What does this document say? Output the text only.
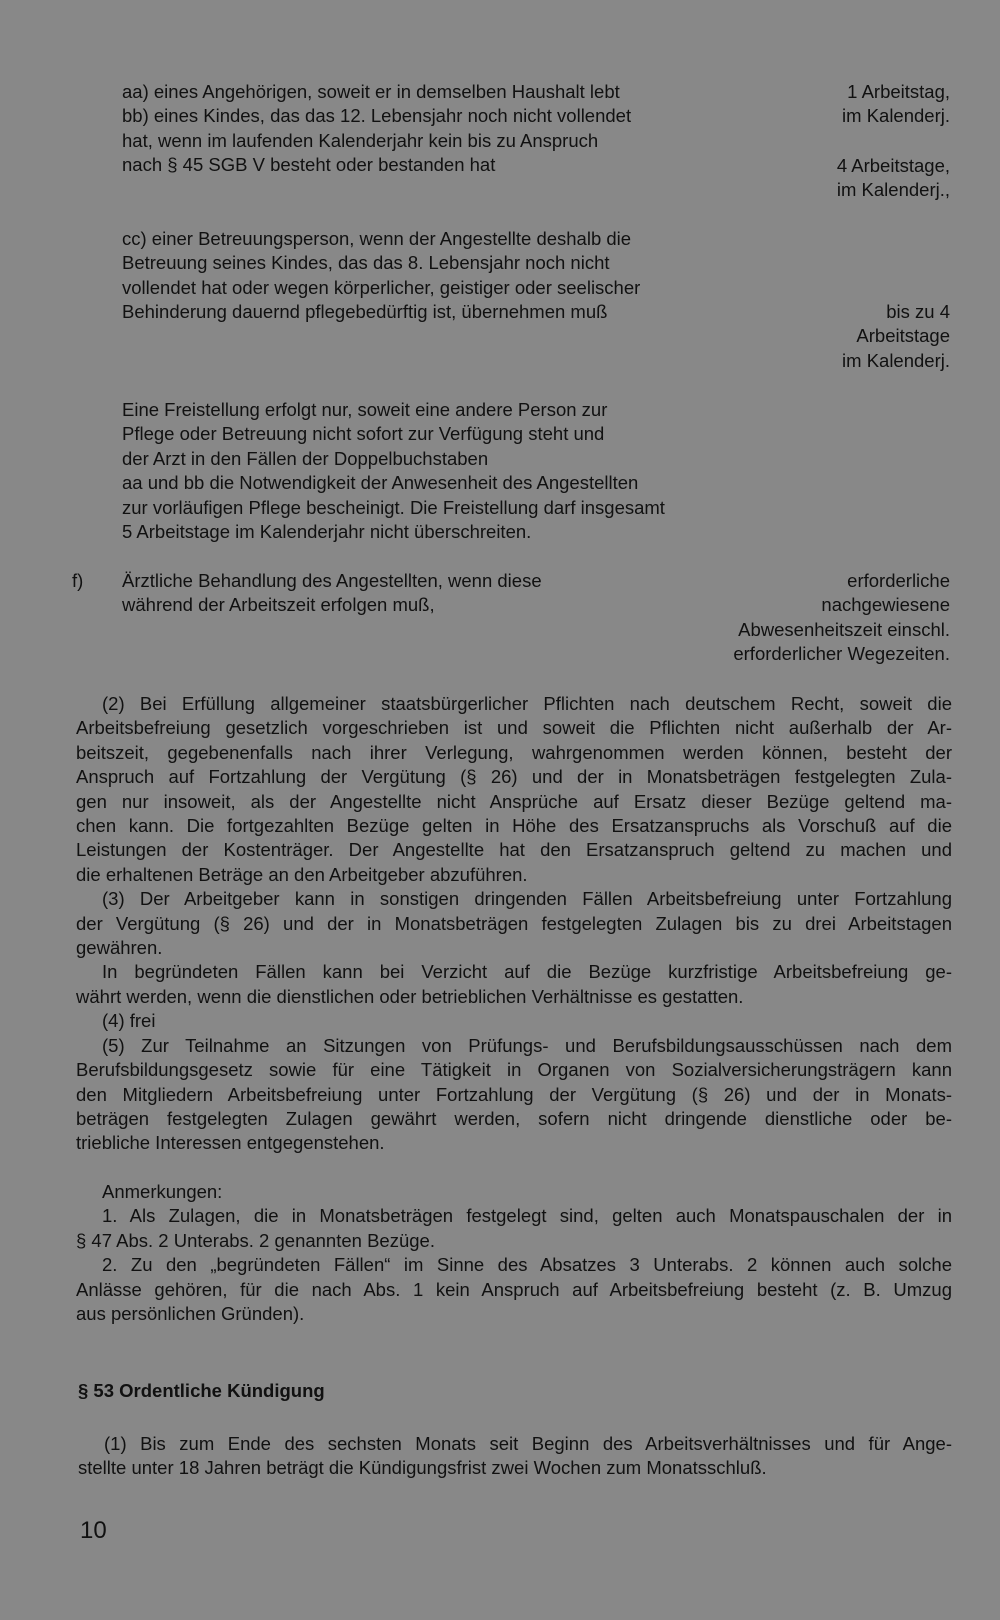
aa) eines Angehörigen, soweit er in demselben Haushalt lebt
bb) eines Kindes, das das 12. Lebensjahr noch nicht vollendet
hat, wenn im laufenden Kalenderjahr kein bis zu Anspruch
nach § 45 SGB V besteht oder bestanden hat
1 Arbeitstag,
im Kalenderj.
4 Arbeitstage,
im Kalenderj.,
cc) einer Betreuungsperson, wenn der Angestellte deshalb die
Betreuung seines Kindes, das das 8. Lebensjahr noch nicht
vollendet hat oder wegen körperlicher, geistiger oder seelischer
Behinderung dauernd pflegebedürftig ist, übernehmen muß	bis zu 4
Arbeitstage
im Kalenderj.
Eine Freistellung erfolgt nur, soweit eine andere Person zur
Pflege oder Betreuung nicht sofort zur Verfügung steht und
der Arzt in den Fällen der Doppelbuchstaben
aa und bb die Notwendigkeit der Anwesenheit des Angestellten
zur vorläufigen Pflege bescheinigt. Die Freistellung darf insgesamt
5 Arbeitstage im Kalenderjahr nicht überschreiten.
f) Ärztliche Behandlung des Angestellten, wenn diese
während der Arbeitszeit erfolgen muß,
erforderliche
nachgewiesene
Abwesenheitszeit einschl.
erforderlicher Wegezeiten.
(2) Bei Erfüllung allgemeiner staatsbürgerlicher Pflichten nach deutschem Recht, soweit die
Arbeitsbefreiung gesetzlich vorgeschrieben ist und soweit die Pflichten nicht außerhalb der Ar-
beitszeit, gegebenenfalls nach ihrer Verlegung, wahrgenommen werden können, besteht der
Anspruch auf Fortzahlung der Vergütung (§ 26) und der in Monatsbeträgen festgelegten Zula-
gen nur insoweit, als der Angestellte nicht Ansprüche auf Ersatz dieser Bezüge geltend ma-
chen kann. Die fortgezahlten Bezüge gelten in Höhe des Ersatzanspruchs als Vorschuß auf die
Leistungen der Kostenträger. Der Angestellte hat den Ersatzanspruch geltend zu machen und
die erhaltenen Beträge an den Arbeitgeber abzuführen.
(3) Der Arbeitgeber kann in sonstigen dringenden Fällen Arbeitsbefreiung unter Fortzahlung
der Vergütung (§ 26) und der in Monatsbeträgen festgelegten Zulagen bis zu drei Arbeitstagen
gewähren.
In begründeten Fällen kann bei Verzicht auf die Bezüge kurzfristige Arbeitsbefreiung ge-
währt werden, wenn die dienstlichen oder betrieblichen Verhältnisse es gestatten.
(4) frei
(5) Zur Teilnahme an Sitzungen von Prüfungs- und Berufsbildungsausschüssen nach dem
Berufsbildungsgesetz sowie für eine Tätigkeit in Organen von Sozialversicherungsträgern kann
den Mitgliedern Arbeitsbefreiung unter Fortzahlung der Vergütung (§ 26) und der in Monats-
beträgen festgelegten Zulagen gewährt werden, sofern nicht dringende dienstliche oder be-
triebliche Interessen entgegenstehen.
Anmerkungen:
1. Als Zulagen, die in Monatsbeträgen festgelegt sind, gelten auch Monatspauschalen der in
§ 47 Abs. 2 Unterabs. 2 genannten Bezüge.
2. Zu den „begründeten Fällen“ im Sinne des Absatzes 3 Unterabs. 2 können auch solche
Anlässe gehören, für die nach Abs. 1 kein Anspruch auf Arbeitsbefreiung besteht (z. B. Umzug
aus persönlichen Gründen).
§ 53 Ordentliche Kündigung
(1) Bis zum Ende des sechsten Monats seit Beginn des Arbeitsverhältnisses und für Ange-
stellte unter 18 Jahren beträgt die Kündigungsfrist zwei Wochen zum Monatsschluß.
10
